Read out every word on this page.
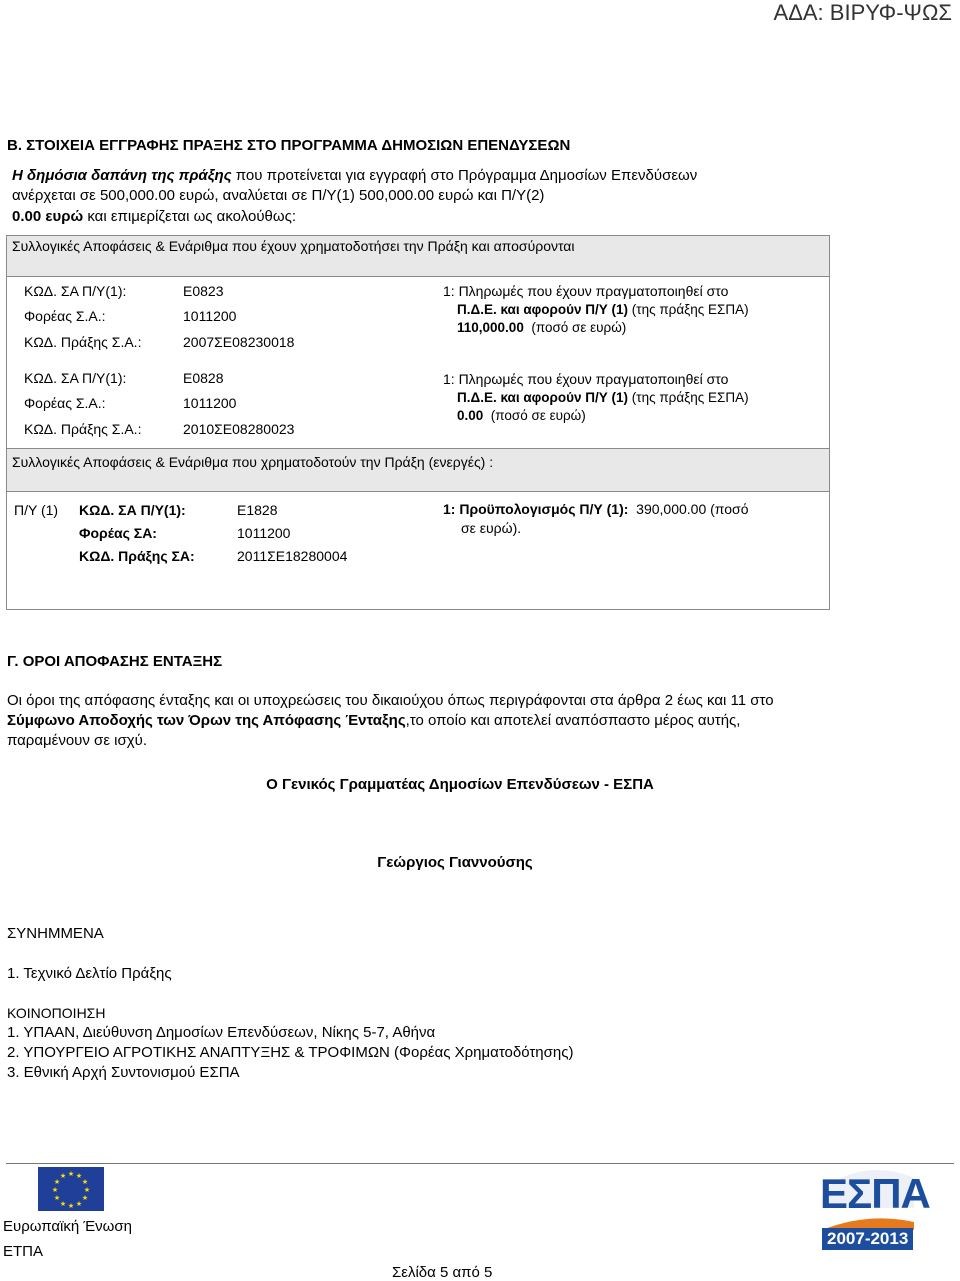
ΑΔΑ: ΒΙΡΥΦ-ΨΩΣ
Β. ΣΤΟΙΧΕΙΑ ΕΓΓΡΑΦΗΣ ΠΡΑΞΗΣ ΣΤΟ ΠΡΟΓΡΑΜΜΑ ΔΗΜΟΣΙΩΝ ΕΠΕΝΔΥΣΕΩΝ
Η δημόσια δαπάνη της πράξης που προτείνεται για εγγραφή στο Πρόγραμμα Δημοσίων Επενδύσεων
ανέρχεται σε 500,000.00 ευρώ, αναλύεται σε Π/Υ(1) 500,000.00 ευρώ και Π/Υ(2)
0.00 ευρώ και επιμερίζεται ως ακολούθως:
Συλλογικές Αποφάσεις & Ενάριθμα που έχουν χρηματοδοτήσει την Πράξη και αποσύρονται
ΚΩΔ. ΣΑ Π/Υ(1):	Ε0823
Φορέας Σ.Α.:	1011200
ΚΩΔ. Πράξης Σ.Α.:	2007ΣΕ08230018
1: Πληρωμές που έχουν πραγματοποιηθεί στο
Π.Δ.Ε. και αφορούν Π/Υ (1) (της πράξης ΕΣΠΑ)
110,000.00  (ποσό σε ευρώ)
ΚΩΔ. ΣΑ Π/Υ(1):	Ε0828
Φορέας Σ.Α.:	1011200
ΚΩΔ. Πράξης Σ.Α.:	2010ΣΕ08280023
1: Πληρωμές που έχουν πραγματοποιηθεί στο
Π.Δ.Ε. και αφορούν Π/Υ (1) (της πράξης ΕΣΠΑ)
0.00  (ποσό σε ευρώ)
Συλλογικές Αποφάσεις & Ενάριθμα που χρηματοδοτούν την Πράξη (ενεργές) :
Π/Υ (1) ΚΩΔ. ΣΑ Π/Υ(1):	Ε1828
Φορέας ΣΑ:	1011200
ΚΩΔ. Πράξης ΣΑ:	2011ΣΕ18280004
1: Προϋπολογισμός Π/Υ (1):  390,000.00 (ποσό
σε ευρώ).
Γ. ΟΡΟΙ ΑΠΟΦΑΣΗΣ ΕΝΤΑΞΗΣ
Οι όροι της απόφασης ένταξης και οι υποχρεώσεις του δικαιούχου όπως περιγράφονται στα άρθρα 2 έως και 11 στο
Σύμφωνο Αποδοχής των Όρων της Απόφασης Ένταξης,το οποίο και αποτελεί αναπόσπαστο μέρος αυτής,
παραμένουν σε ισχύ.
Ο Γενικός Γραμματέας Δημοσίων Επενδύσεων - ΕΣΠΑ
Γεώργιος Γιαννούσης
ΣΥΝΗΜΜΕΝΑ
1. Τεχνικό Δελτίο Πράξης
ΚΟΙΝΟΠΟΙΗΣΗ
1. ΥΠΑΑΝ, Διεύθυνση Δημοσίων Επενδύσεων, Νίκης 5-7, Αθήνα
2. ΥΠΟΥΡΓΕΙΟ ΑΓΡΟΤΙΚΗΣ ΑΝΑΠΤΥΞΗΣ & ΤΡΟΦΙΜΩΝ (Φορέας Χρηματοδότησης)
3. Εθνική Αρχή Συντονισμού ΕΣΠΑ
★ ★
★
★
★
★
★
★
★
★
★
★
Ευρωπαϊκή Ένωση
ΕΤΠΑ
Σελίδα 5 από 5
ΕΣΠΑ
2007-2013
